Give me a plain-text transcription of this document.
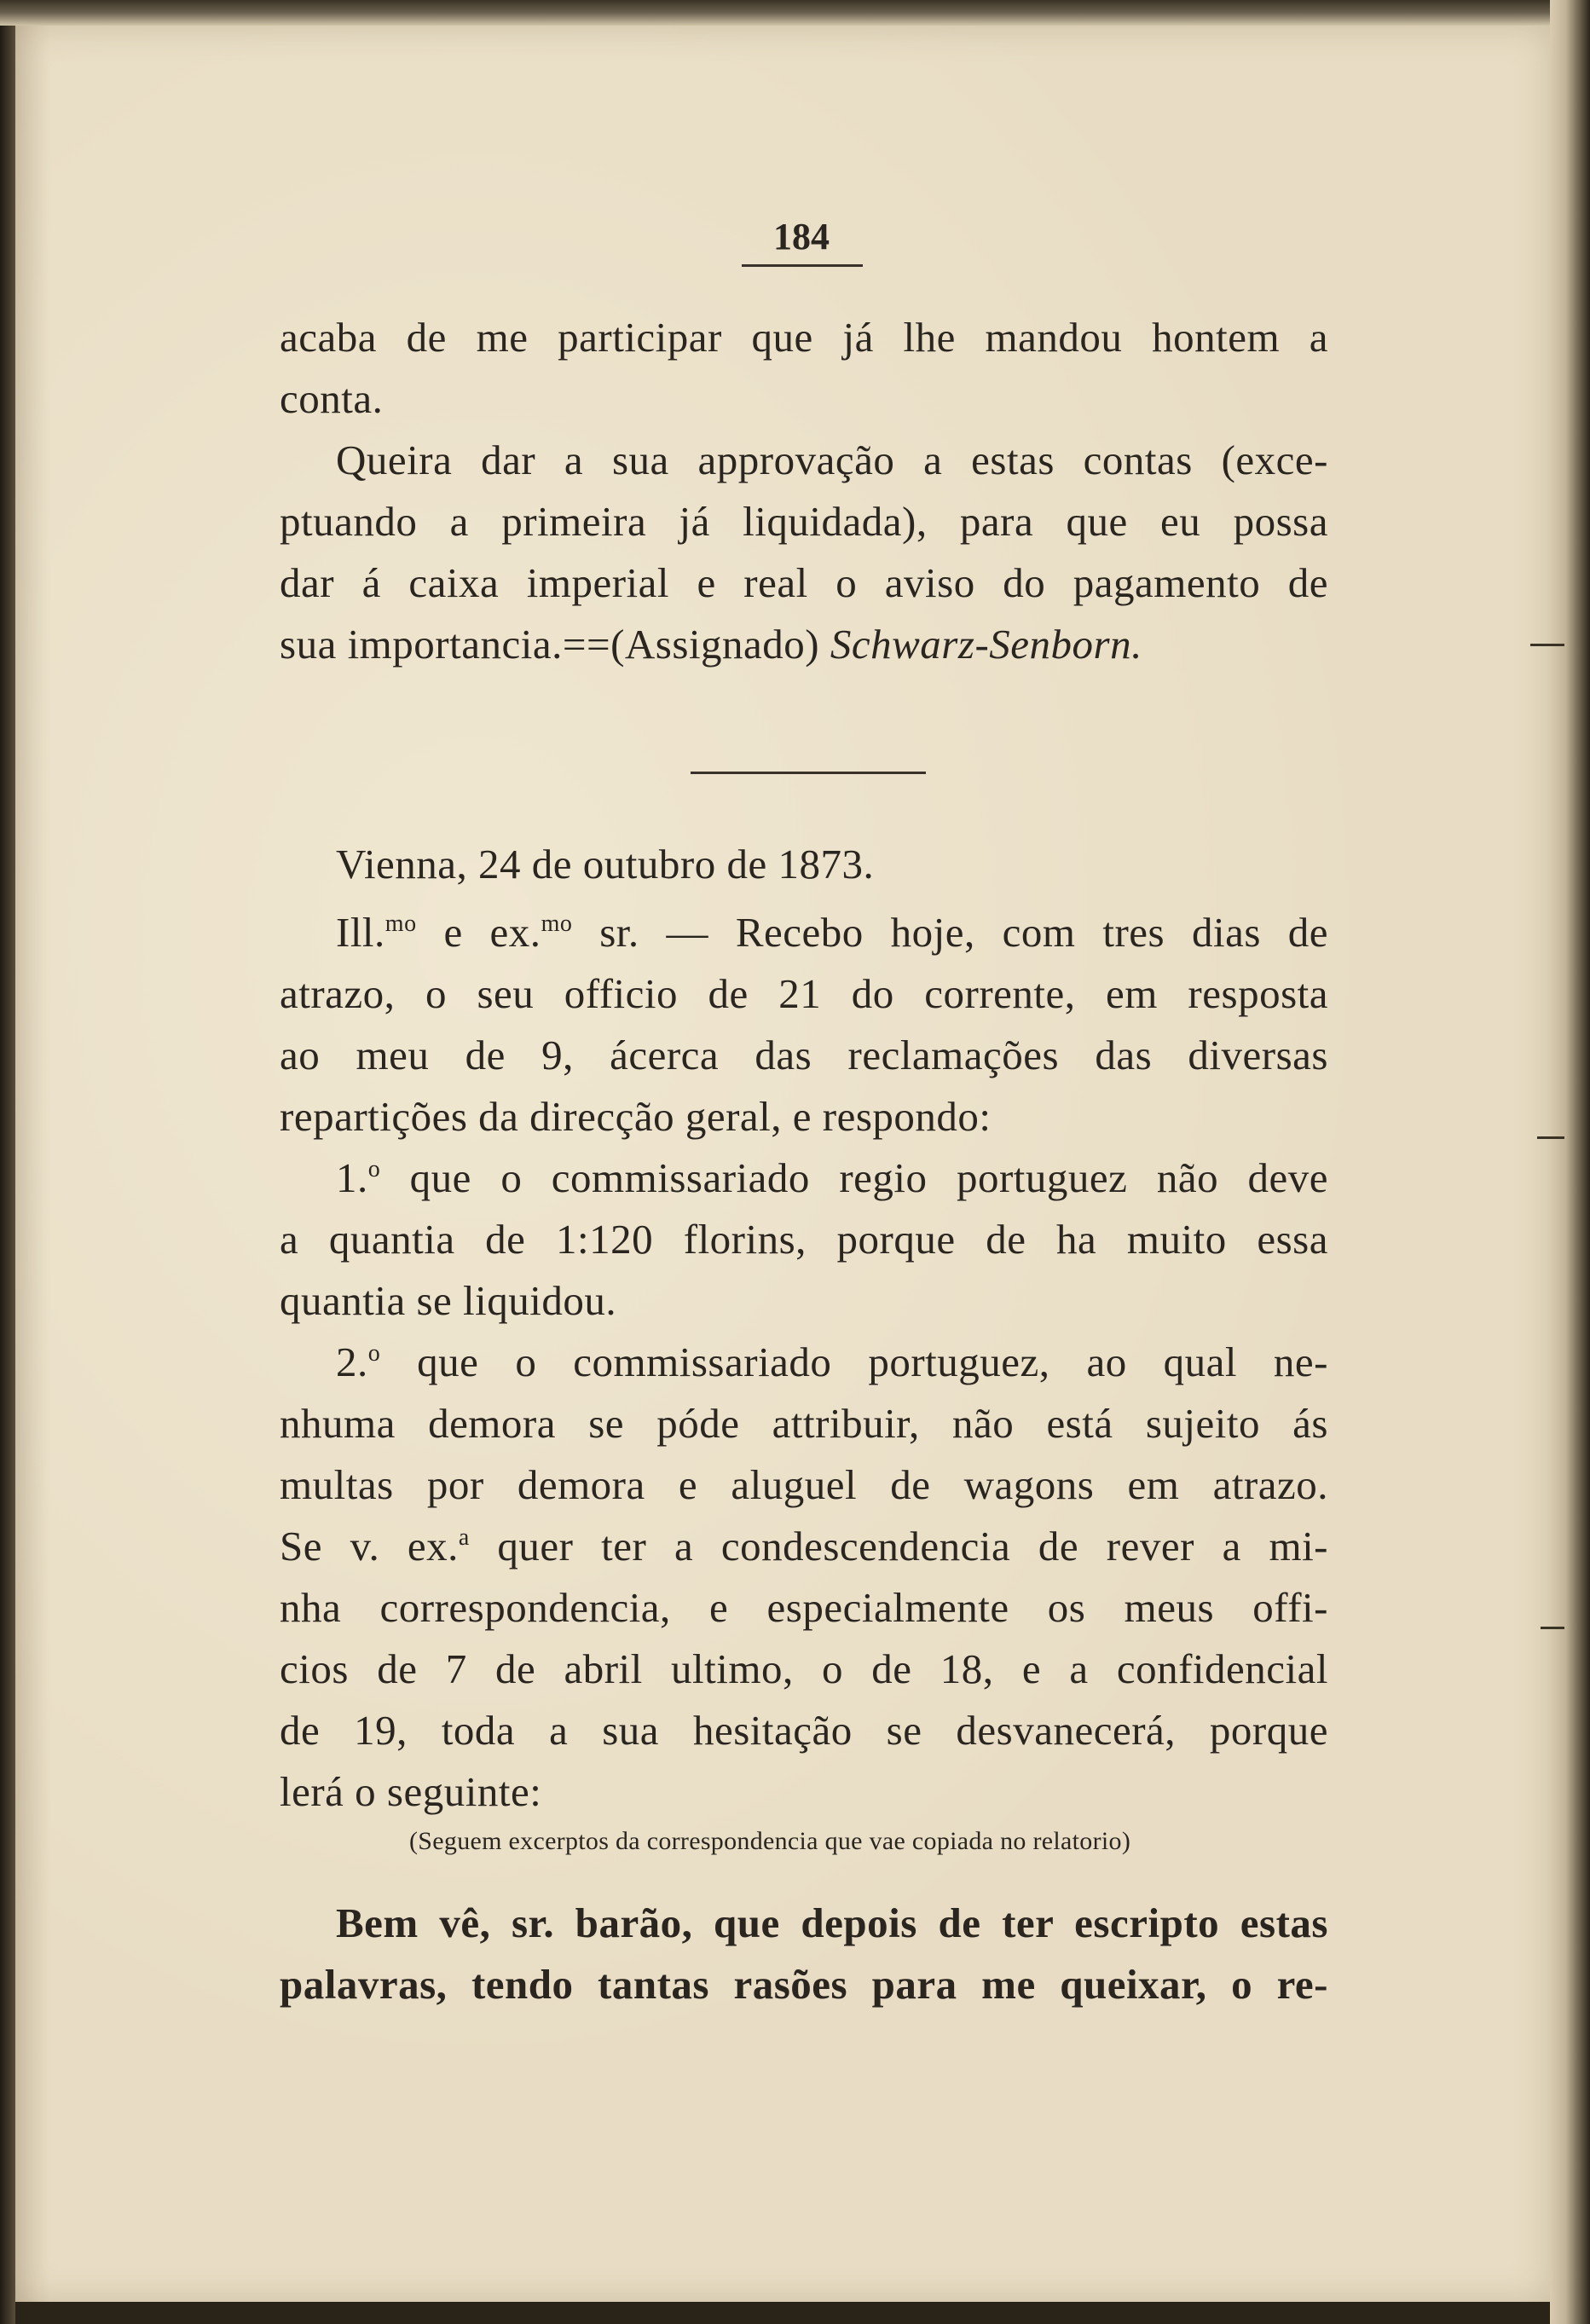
184
acaba de me participar que já lhe mandou hontem a
conta.
Queira dar a sua approvação a estas contas (exce-
ptuando a primeira já liquidada), para que eu possa
dar á caixa imperial e real o aviso do pagamento de
sua importancia.==(Assignado) Schwarz-Senborn.
Vienna, 24 de outubro de 1873.
Ill.$^{mo}$ e ex.$^{mo}$ sr. — Recebo hoje, com tres dias de
atrazo, o seu officio de 21 do corrente, em resposta
ao meu de 9, ácerca das reclamações das diversas
repartições da direcção geral, e respondo:
1.$^o$ que o commissariado regio portuguez não deve
a quantia de 1:120 florins, porque de ha muito essa
quantia se liquidou.
2.$^o$ que o commissariado portuguez, ao qual ne-
nhuma demora se póde attribuir, não está sujeito ás
multas por demora e aluguel de wagons em atrazo.
Se v. ex.$^a$ quer ter a condescendencia de rever a mi-
nha correspondencia, e especialmente os meus offi-
cios de 7 de abril ultimo, o de 18, e a confidencial
de 19, toda a sua hesitação se desvanecerá, porque
lerá o seguinte:
(Seguem excerptos da correspondencia que vae copiada no relatorio)
Bem vê, sr. barão, que depois de ter escripto estas
palavras, tendo tantas rasões para me queixar, o re-
